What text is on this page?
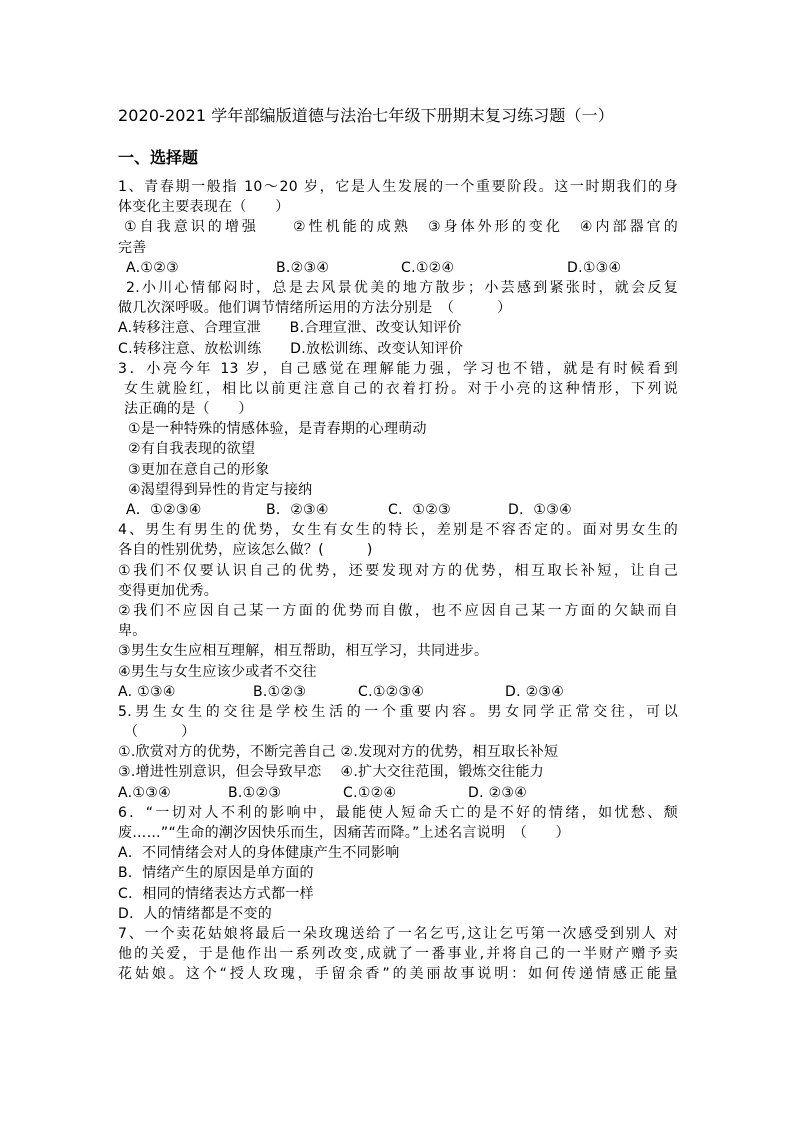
2020-2021 学年部编版道德与法治七年级下册期末复习练习题（一）
一、选择题
1、青春期一般指 10～20 岁，它是人生发展的一个重要阶段。这一时期我们的身
体变化主要表现在（　　）
①自我意识的增强　　②性机能的成熟　③身体外形的变化　④内部器官的
完善
A.①②③	B.②③④	C.①②④	D.①③④
2.小川心情郁闷时，总是去风景优美的地方散步；小芸感到紧张时，就会反复
做几次深呼吸。他们调节情绪所运用的方法分别是　（　　　）
A.转移注意、合理宣泄　　B.合理宣泄、改变认知评价
C.转移注意、放松训练　　D.放松训练、改变认知评价
3．小亮今年 13 岁，自己感觉在理解能力强，学习也不错，就是有时候看到
女生就脸红，相比以前更注意自己的衣着打扮。对于小亮的这种情形，下列说
法正确的是（　　）
①是一种特殊的情感体验，是青春期的心理萌动
②有自我表现的欲望
③更加在意自己的形象
④渴望得到异性的肯定与接纳
A．①②③④	B．②③④	C．①②③	D．①③④
4、男生有男生的优势，女生有女生的特长，差别是不容否定的。面对男女生的
各自的性别优势，应该怎么做？(　　　)
①我们不仅要认识自己的优势，还要发现对方的优势，相互取长补短，让自己
变得更加优秀。
②我们不应因自己某一方面的优势而自傲，也不应因自己某一方面的欠缺而自
卑。
③男生女生应相互理解，相互帮助，相互学习，共同进步。
④男生与女生应该少或者不交往
A. ①③④	B.①②③	C.①②③④	D. ②③④
5.男生女生的交往是学校生活的一个重要内容。男女同学正常交往，可以
（　　　）
①.欣赏对方的优势，不断完善自己 ②.发现对方的优势，相互取长补短
③.增进性别意识，但会导致早恋　 ④.扩大交往范围，锻炼交往能力
A.①③④	B.①②③	C.①②④	D. ②③④
6．“一切对人不利的影响中，最能使人短命夭亡的是不好的情绪，如忧愁、颓
废……”“生命的潮汐因快乐而生，因痛苦而降。”上述名言说明　（　　）
A．不同情绪会对人的身体健康产生不同影响
B．情绪产生的原因是单方面的
C．相同的情绪表达方式都一样
D．人的情绪都是不变的
7、一个卖花姑娘将最后一朵玫瑰送给了一名乞丐,这让乞丐第一次感受到别人 对
他的关爱，于是他作出一系列改变,成就了一番事业,并将自己的一半财产赠予卖
花姑娘。这个“授人玫瑰，手留余香”的美丽故事说明：如何传递情感正能量
